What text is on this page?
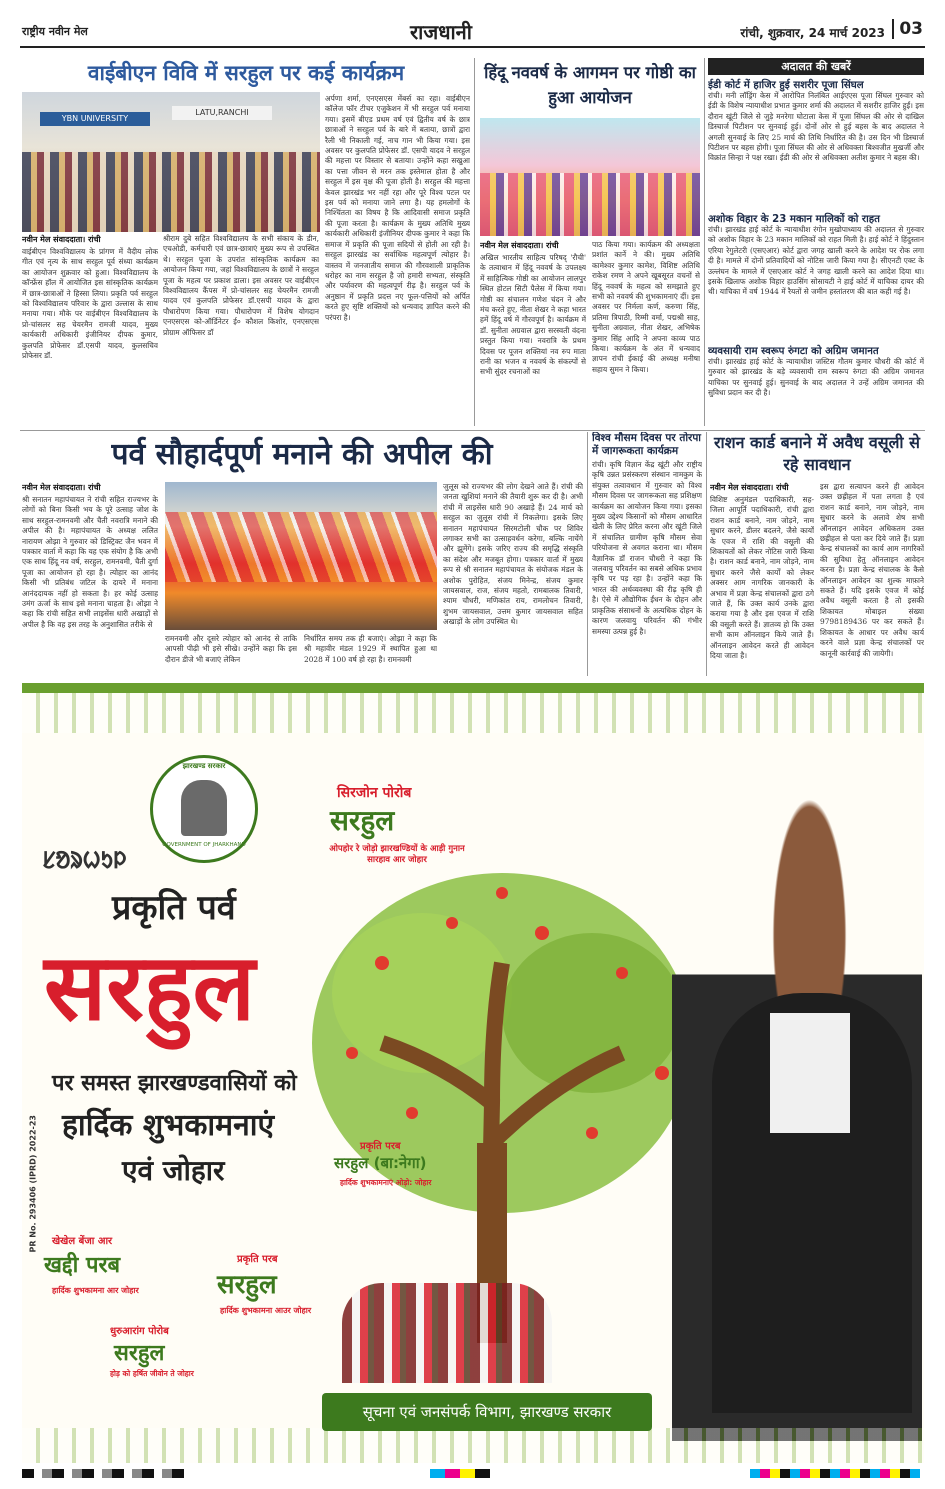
राष्ट्रीय नवीन मेल	राजधानी	रांची, शुक्रवार, 24 मार्च 2023 03
वाईबीएन विवि में सरहुल पर कई कार्यक्रम
YBN UNIVERSITY
LATU,RANCHI
नवीन मेल संवाददाता। रांची
वाईबीएन विश्वविद्यालय के प्रांगण में वैदीय लोक गीत एवं नृत्य के साथ सरहुल पूर्व संध्या कार्यक्रम का आयोजन शुक्रवार को हुआ। विश्वविद्यालय के कॉन्फ्रेंस हॉल में आयोजित इस सांस्कृतिक कार्यक्रम में छात्र-छात्राओं ने हिस्सा लिया। प्रकृति पर्व सरहुल को विश्वविद्यालय परिवार के द्वारा उल्लास के साथ मनाया गया। मौके पर वाईबीएन विश्वविद्यालय के प्रो-चांसलर सह चेयरमैन रामजी यादव, मुख्य कार्यकारी अधिकारी इंजीनियर दीपक कुमार, कुलपति प्रोफेसर डॉ.एसपी यादव, कुलसचिव प्रोफेसर डॉ.
श्रीराम दुबे सहित विश्वविद्यालय के सभी संकाय के डीन, एचओडी, कर्मचारी एवं छात्र-छात्राएं मुख्य रूप से उपस्थित थे। सरहुल पूजा के उपरांत सांस्कृतिक कार्यक्रम का आयोजन किया गया, जहां विश्वविद्यालय के छात्रों ने सरहुल पूजा के महत्व पर प्रकाश डाला। इस अवसर पर वाईबीएन विश्वविद्यालय कैंपस में प्रो-चांसलर सह चेयरमैन रामजी यादव एवं कुलपति प्रोफेसर डॉ.एसपी यादव के द्वारा पौधारोपण किया गया। पौधारोपण में विशेष योगदान एनएसएस को-ऑर्डिनेटर ई० कौशल किशोर, एनएसएस प्रोग्राम ऑफिसर डॉ
अर्पणा शर्मा, एनएसएस मेंबर्स का रहा। वाईबीएन कॉलेज फॉर टीचर एजुकेशन में भी सरहुल पर्व मनाया गया। इसमें बीएड प्रथम वर्ष एवं द्वितीय वर्ष के छात्र छात्राओं ने सरहुल पर्व के बारे में बताया, छात्रों द्वारा रैली भी निकाली गई, नाच गान भी किया गया। इस अवसर पर कुलपति प्रोफेसर डॉ. एसपी यादव ने सरहुल की महत्ता पर विस्तार से बताया। उन्होंने कहा सखुआ का पत्ता जीवन से मरन तक इस्तेमाल होता है और सरहुल में इस वृक्ष की पूजा होती है। सरहुल की महत्ता केवल झारखंड भर नहीं रहा और पूरे विश्व पटल पर इस पर्व को मनाया जाने लगा है। यह हमलोगों के निश्चिंतता का विषय है कि आदिवासी समाज प्रकृति की पूजा करता है। कार्यक्रम के मुख्य अतिथि मुख्य कार्यकारी अधिकारी इंजीनियर दीपक कुमार ने कहा कि समाज में प्रकृति की पूजा सदियों से होती आ रही है। सरहुल झारखंड का सर्वाधिक महत्वपूर्ण त्योहार है। वास्तव में जनजातीय समाज की गौरवशाली प्राकृतिक धरोहर का नाम सरहुल है जो हमारी सभ्यता, संस्कृति और पर्यावरण की महत्वपूर्ण रीढ़ है। सरहुल पर्व के अनुष्ठान में प्रकृति प्रदत्त नए फूल-पत्तियों को अर्पित करते हुए सृष्टि शक्तियों को धन्यवाद ज्ञापित करने की परंपरा है।
हिंदू नववर्ष के आगमन पर गोष्ठी का हुआ आयोजन
नवीन मेल संवाददाता। रांची
अखिल भारतीय साहित्य परिषद् 'रौची' के तत्वाधान में हिंदू नववर्ष के उपलक्ष्य में साहित्यिक गोष्ठी का आयोजन लालपुर स्थित होटल सिटी पैलेस में किया गया। गोष्ठी का संचालन गणेश चंदन ने और मंच करते हुए, नीता शेखर ने कहा भारत हमें हिंदू वर्ष में गौरवपूर्ण है। कार्यक्रम में डॉ. सुनीता अग्रवाल द्वारा सरस्वती वंदना प्रस्तुत किया गया। नवरात्रि के प्रथम दिवस पर पूजन शक्तियां नव रुप माता रानी का भजन व नववर्ष के संकल्पों से सभी सुंदर रचनाओं का
पाठ किया गया। कार्यक्रम की अध्यक्षता प्रशांत कार्ने ने की। मुख्य अतिथि कामेश्वर कुमार कामेश, विशिष्ट अतिथि राकेश रमण ने अपने खूबसूरत वचनों से हिंदू नववर्ष के महत्व को समझाते हुए सभी को नववर्ष की शुभकामनाएं दीं। इस अवसर पर निर्मला कर्ण, करुणा सिंह, प्रतिमा त्रिपाठी, रिम्मी वर्मा, पद्मश्री साह, सुनीता अग्रवाल, नीता शेखर, अभिषेक कुमार सिंह आदि ने अपना काव्य पाठ किया। कार्यक्रम के अंत में धन्यवाद ज्ञापन रांची ईकाई की अध्यक्ष मनीषा सहाय सुमन ने किया।
अदालत की खबरें
ईडी कोर्ट में हाजिर हुई सशरीर पूजा सिंघल
रांची। मनी लॉड्रिंग केस में आरोपित निलंबित आईएएस पूजा सिंघल गुरुवार को ईडी के विशेष न्यायाधीश प्रभात कुमार शर्मा की अदालत में सशरीर हाजिर हुईं। इस दौरान खूंटी जिले से जुड़े मनरेगा घोटाला केस में पूजा सिंघल की ओर से दाखिल डिस्चार्ज पिटीशन पर सुनवाई हुई। दोनों ओर से हुई बहस के बाद अदालत ने अगली सुनवाई के लिए 25 मार्च की तिथि निर्धारित की है। उस दिन भी डिस्चार्ज पिटीशन पर बहस होगी। पूजा सिंघल की ओर से अधिवक्ता बिश्वजीत मुखर्जी और विक्रांत सिन्हा ने पक्ष रखा। ईडी की ओर से अधिवक्ता अतीश कुमार ने बहस की।
अशोक विहार के 23 मकान मालिकों को राहत
रांची। झारखंड हाई कोर्ट के न्यायाधीश रंगोन मुखोपाध्याय की अदालत से गुरुवार को अशोक विहार के 23 मकान मालिकों को राहत मिली है। हाई कोर्ट ने हिंदुस्तान एरिया रेगुलेटरी (एसएआर) कोर्ट द्वारा जगह खाली करने के आदेश पर रोक लगा दी है। मामले में दोनों प्रतिवादियों को नोटिस जारी किया गया है। सीएनटी एक्ट के उल्लंघन के मामले में एसएआर कोर्ट ने जगह खाली करने का आदेश दिया था। इसके खिलाफ अशोक विहार हाउसिंग सोसायटी ने हाई कोर्ट में याचिका दायर की थी। याचिका में वर्ष 1944 में रैयतों से जमीन हस्तांतरण की बात कही गई है।
व्यवसायी राम स्वरूप रुंगटा को अग्रिम जमानत
रांची। झारखंड हाई कोर्ट के न्यायाधीश जस्टिस गौतम कुमार चौधरी की कोर्ट में गुरुवार को झारखंड के बड़े व्यवसायी राम स्वरूप रुंगटा की अग्रिम जमानत याचिका पर सुनवाई हुई। सुनवाई के बाद अदालत ने उन्हें अग्रिम जमानत की सुविधा प्रदान कर दी है।
पर्व सौहार्दपूर्ण मनाने की अपील की
नवीन मेल संवाददाता। रांची
श्री सनातन महापंचायत ने रांची सहित राज्यभर के लोगों को बिना किसी भय के पूरे उत्साह जोश के साथ सरहुल-रामनवमी और चैती नवरात्रि मनाने की अपील की है। महापंचायत के अध्यक्ष ललित नारायण ओझा ने गुरुवार को डिस्ट्रिक्ट जैन भवन में पत्रकार वार्ता में कहा कि यह एक संयोग है कि अभी एक साथ हिंदू नव वर्ष, सरहुल, रामनवमी, चैती दुर्गा पूजा का आयोजन हो रहा है। त्योहार का आनंद किसी भी प्रतिबंध जटिल के दायरे में मनाना आनंददायक नहीं हो सकता है। हर कोई उत्साह उमंग ऊर्जा के साथ इसे मनाना चाहता है। ओझा ने कहा कि रांची सहित सभी लाइसेंस धारी अखाड़ों से अपील है कि वह इस तरह के अनुशासित तरीके से
रामनवमी और दूसरे त्योहार को आनंद से ताकि आपसी पीढ़ी भी इसे सीखे। उन्होंने कहा कि इस दौरान डीजे भी बजाएं लेकिन
निर्धारित समय तक ही बजाएं। ओझा ने कहा कि श्री महावीर मंडल 1929 में स्थापित हुआ था 2028 में 100 वर्ष हो रहा है। रामनवमी
जुलूस को राज्यभर की लोग देखने आते हैं। रांची की जनता खुशियां मनाने की तैयारी शुरू कर दी है। अभी रांची में लाइसेंस धारी 90 अखाड़े हैं। 24 मार्च को सरहुल का जुलूस रांची में निकलेगा। इसके लिए सनातन महापंचायत सिरमटोली चौक पर शिविर लगाकर सभी का उत्साहवर्धन करेगा, बल्कि नाचेंगे और झूमेंगे। इसके जरिए राज्य की समृद्धि संस्कृति का संदेश और मजबूत होगा। पत्रकार वार्ता में मुख्य रूप से श्री सनातन महापंचायत के संयोजक मंडल के अशोक पुरोहित, संजय मिनेन्द्र, संजय कुमार जायसवाल, राज, संजय महतो, रामबालक तिवारी, श्याम चौधरी, मणिकांत राय, रामलोचन तिवारी, शुभम जायसवाल, उत्तम कुमार जायसवाल सहित अखाड़ों के लोग उपस्थित थे।
विश्व मौसम दिवस पर तोरपा में जागरूकता कार्यक्रम
रांची। कृषि विज्ञान केंद्र खूंटी और राष्ट्रीय कृषि उन्नत प्रसंस्करण संस्थान नामकुम के संयुक्त तत्वावधान में गुरुवार को विश्व मौसम दिवस पर जागरूकता सह प्रशिक्षण कार्यक्रम का आयोजन किया गया। इसका मुख्य उद्देश्य किसानों को मौसम आधारित खेती के लिए प्रेरित करना और खूंटी जिले में संचालित ग्रामीण कृषि मौसम सेवा परियोजना से अवगत कराना था। मौसम वैज्ञानिक डॉ राजन चौधरी ने कहा कि जलवायु परिवर्तन का सबसे अधिक प्रभाव कृषि पर पड़ रहा है। उन्होंने कहा कि भारत की अर्थव्यवस्था की रीढ़ कृषि ही है। ऐसे में औद्योगिक ईंधन के दोहन और प्राकृतिक संसाधनों के अत्यधिक दोहन के कारण जलवायु परिवर्तन की गंभीर समस्या उत्पन्न हुई है।
राशन कार्ड बनाने में अवैध वसूली से रहे सावधान
नवीन मेल संवाददाता। रांची
विशिष्ट अनुमंडल पदाधिकारी, सह-जिला आपूर्ति पदाधिकारी, रांची द्वारा राशन कार्ड बनाने, नाम जोड़ने, नाम सुधार करने, डीलर बदलने, जैसे कार्यों के एवज में राशि की वसूली की शिकायतों को लेकर नोटिस जारी किया है। राशन कार्ड बनाने, नाम जोड़ने, नाम सुधार करने जैसे कार्यों को लेकर अक्सर आम नागरिक जानकारी के अभाव में प्रज्ञा केन्द्र संचालकों द्वारा ठगे जाते हैं, कि उक्त कार्य उनके द्वारा कराया गया है और इस एवज में राशि की वसूली करते हैं। ज्ञातव्य हो कि उक्त सभी काम ऑनलाइन किये जाते हैं। ऑनलाइन आवेदन करते ही आवेदन दिया जाता है।
इस द्वारा सत्यापन करने ही आवेदन उक्त छह्रीहल में पता लगता है एवं राशन कार्ड बनाने, नाम जोड़ने, नाम सुधार करने के अलावे शेष सभी ऑनलाइन आवेदन अधिकतम उक्त छह्रीहल से पता कर दिये जाते हैं। प्रज्ञा केन्द्र संचालकों का कार्य आम नागरिकों की सुविधा हेतु ऑनलाइन आवेदन करना है। प्रज्ञा केन्द्र संचालक के कैसे ऑनलाइन आवेदन का शुल्क माफ़ाने सकते हैं। यदि इसके एवज में कोई अवैध वसूली करता है तो इसकी शिकायत मोबाइल संख्या 9798189436 पर कर सकते हैं। शिकायत के आधार पर अवैध कार्य करने वाले प्रज्ञा केन्द्र संचालकों पर कानूनी कार्रवाई की जायेगी।
झारखण्ड सरकार
GOVERNMENT OF JHARKHAND
ᱥᱚᱨᱦᱩᱞ
सिरजोन पोरोब
सरहुल
ओपहोर रे जोड़ो झारखण्डियों के आड़ी गुनान सारहाव आर जोहार
प्रकृति पर्व
सरहुल
पर समस्त झारखण्डवासियों को
हार्दिक शुभकामनाएं
एवं जोहार
प्रकृति परब
सरहुल (बा:नेगा)
हार्दिक शुभकामनाएं ओड़ो: जोहार
खेखेल बेंजा आर
खद्दी परब
हार्दिक शुभकामना आर जोहार
प्रकृति परब
सरहुल
हार्दिक शुभकामना आउर जोहार
धुरुआरांग पोरोब
सरहुल
होड़ को हर्षित जीवोन ते जोहार
PR No. 293406 (IPRD) 2022-23
सूचना एवं जनसंपर्क विभाग, झारखण्ड सरकार
